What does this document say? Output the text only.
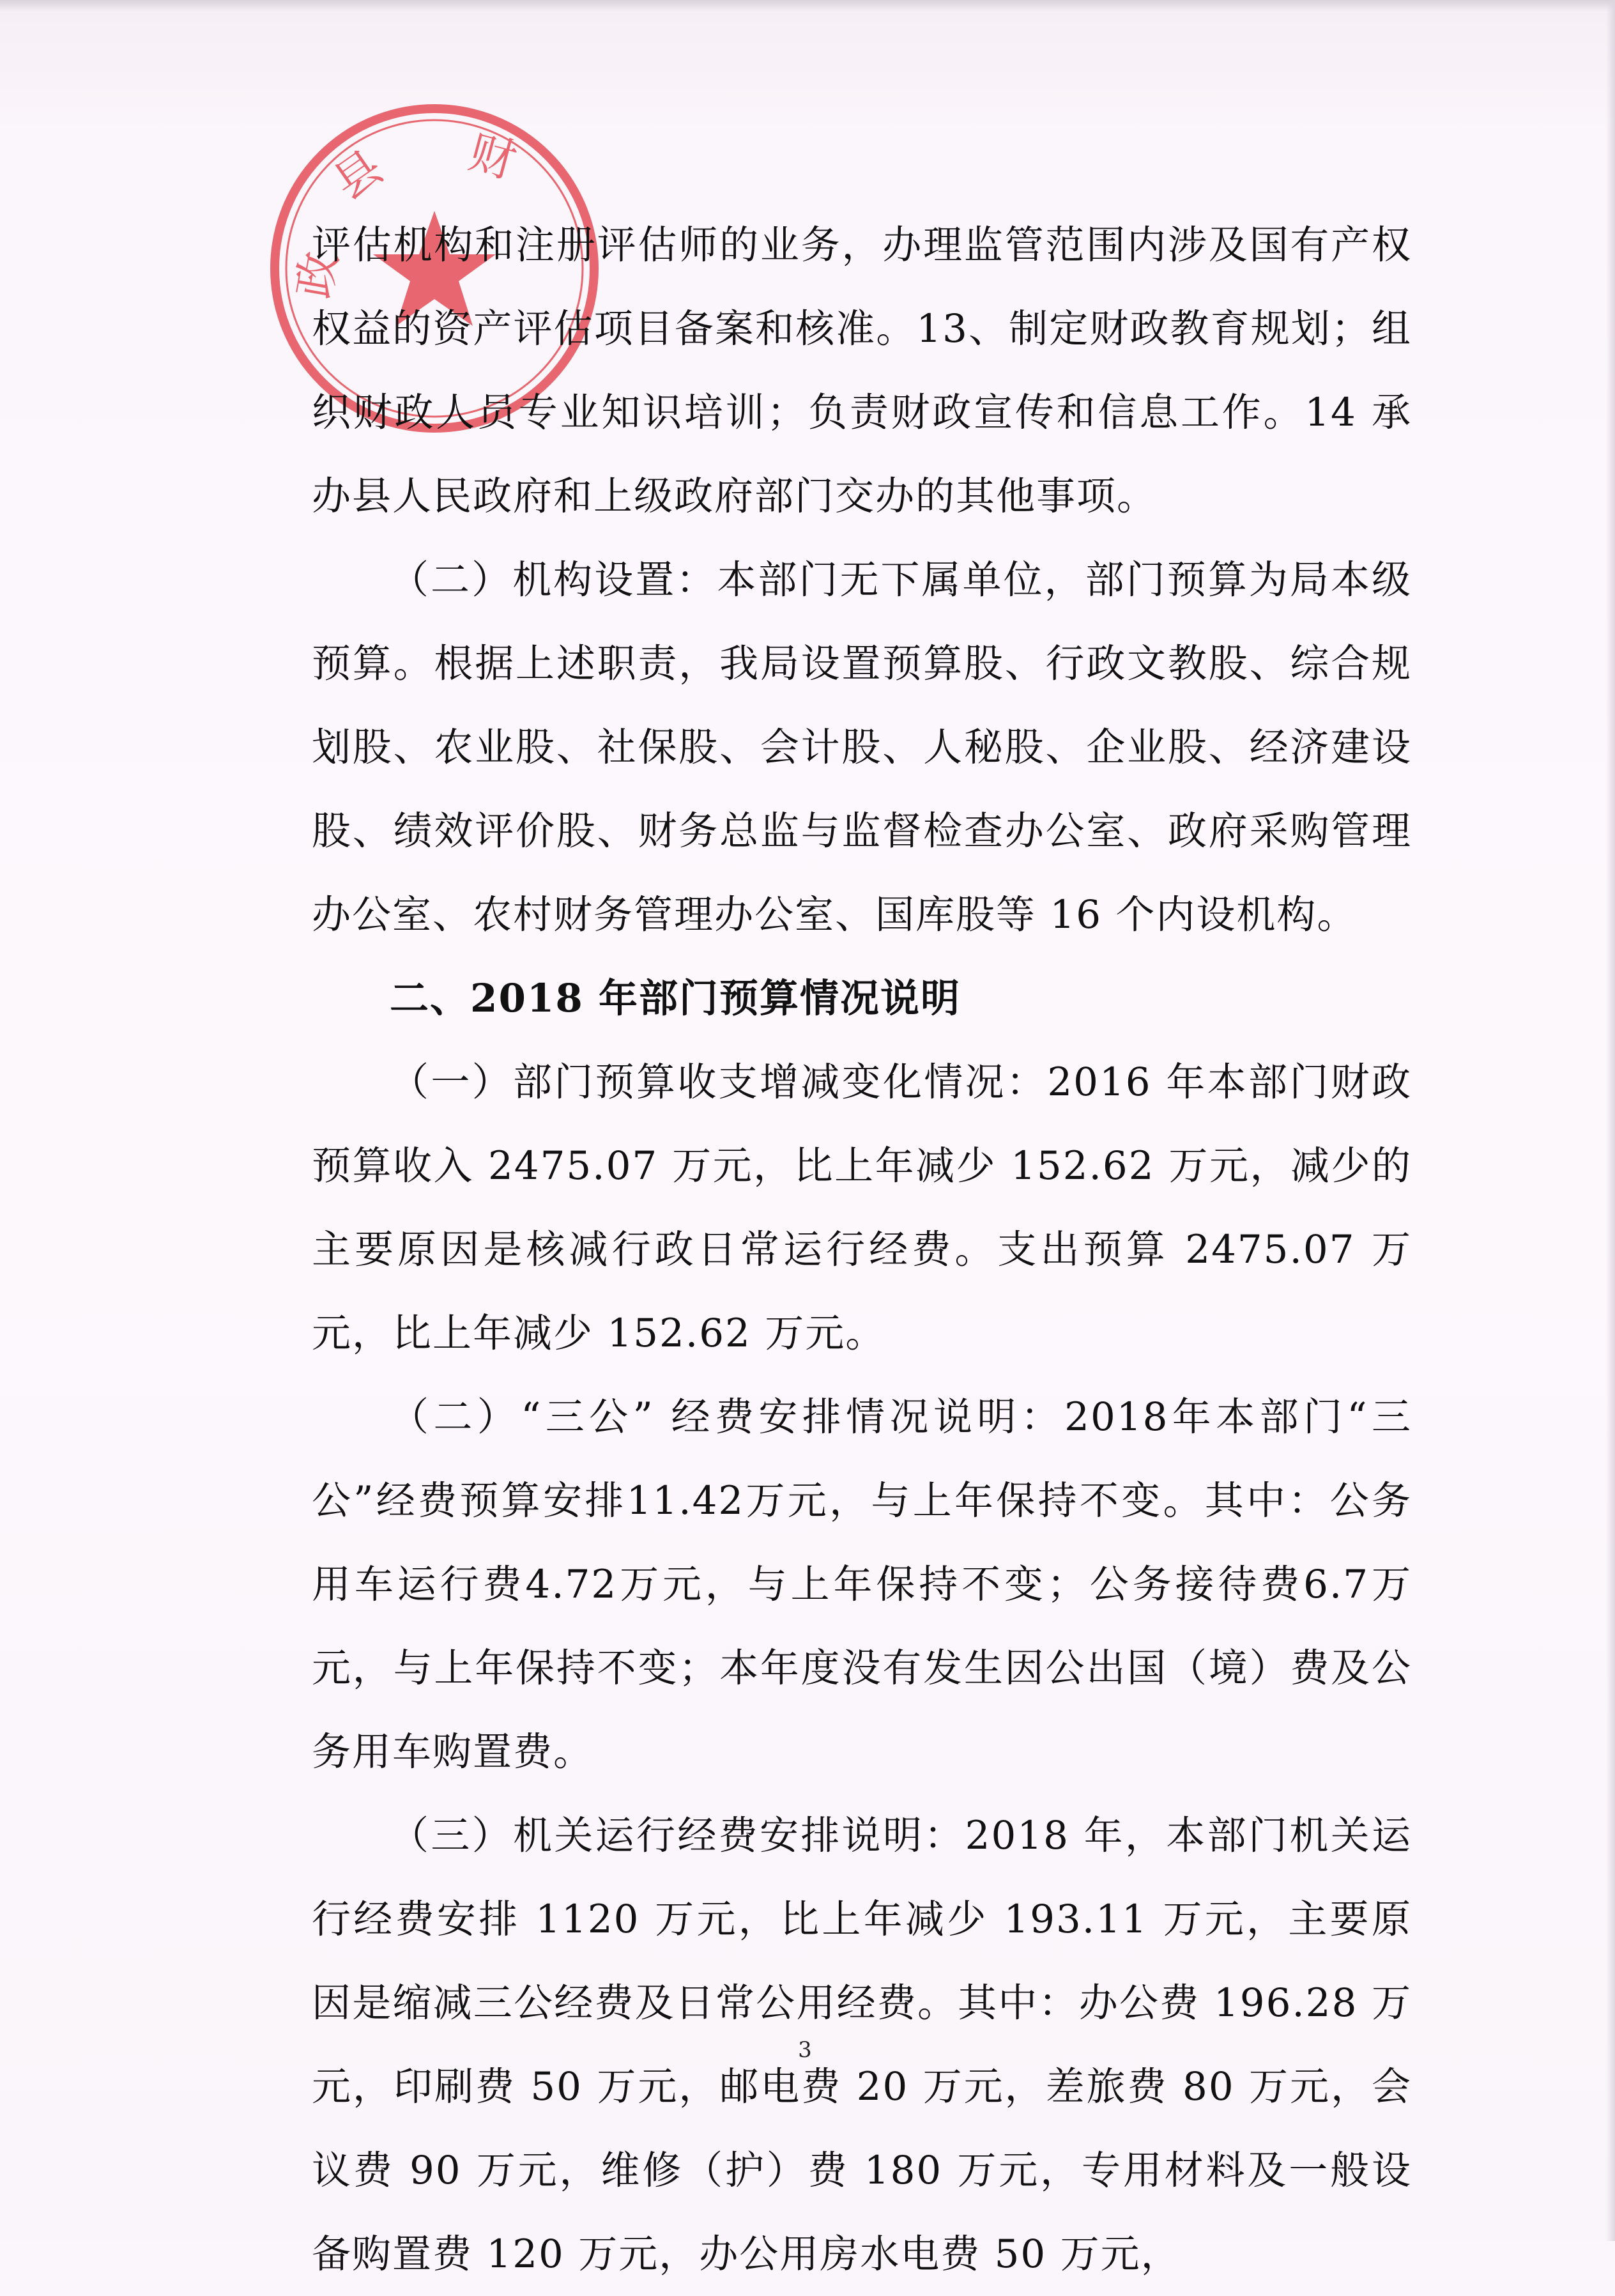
县 财
政

评估机构和注册评估师的业务，办理监管范围内涉及国有产权权益的资产评估项目备案和核准。13、制定财政教育规划；组织财政人员专业知识培训；负责财政宣传和信息工作。14 承办县人民政府和上级政府部门交办的其他事项。

（二）机构设置：本部门无下属单位，部门预算为局本级预算。根据上述职责，我局设置预算股、行政文教股、综合规划股、农业股、社保股、会计股、人秘股、企业股、经济建设股、绩效评价股、财务总监与监督检查办公室、政府采购管理办公室、农村财务管理办公室、国库股等 16 个内设机构。

二、2018 年部门预算情况说明

（一）部门预算收支增减变化情况：2016 年本部门财政预算收入 2475.07 万元，比上年减少 152.62 万元，减少的主要原因是核减行政日常运行经费。支出预算 2475.07 万元，比上年减少 152.62 万元。

（二）“三公” 经费安排情况说明：2018年本部门“三公”经费预算安排11.42万元，与上年保持不变。其中：公务用车运行费4.72万元，与上年保持不变；公务接待费6.7万元，与上年保持不变；本年度没有发生因公出国（境）费及公务用车购置费。

（三）机关运行经费安排说明：2018 年，本部门机关运行经费安排 1120 万元，比上年减少 193.11 万元，主要原因是缩减三公经费及日常公用经费。其中：办公费 196.28 万元，印刷费 50 万元，邮电费 20 万元，差旅费 80 万元，会议费 90 万元，维修（护）费 180 万元，专用材料及一般设备购置费 120 万元，办公用房水电费 50 万元，

3
